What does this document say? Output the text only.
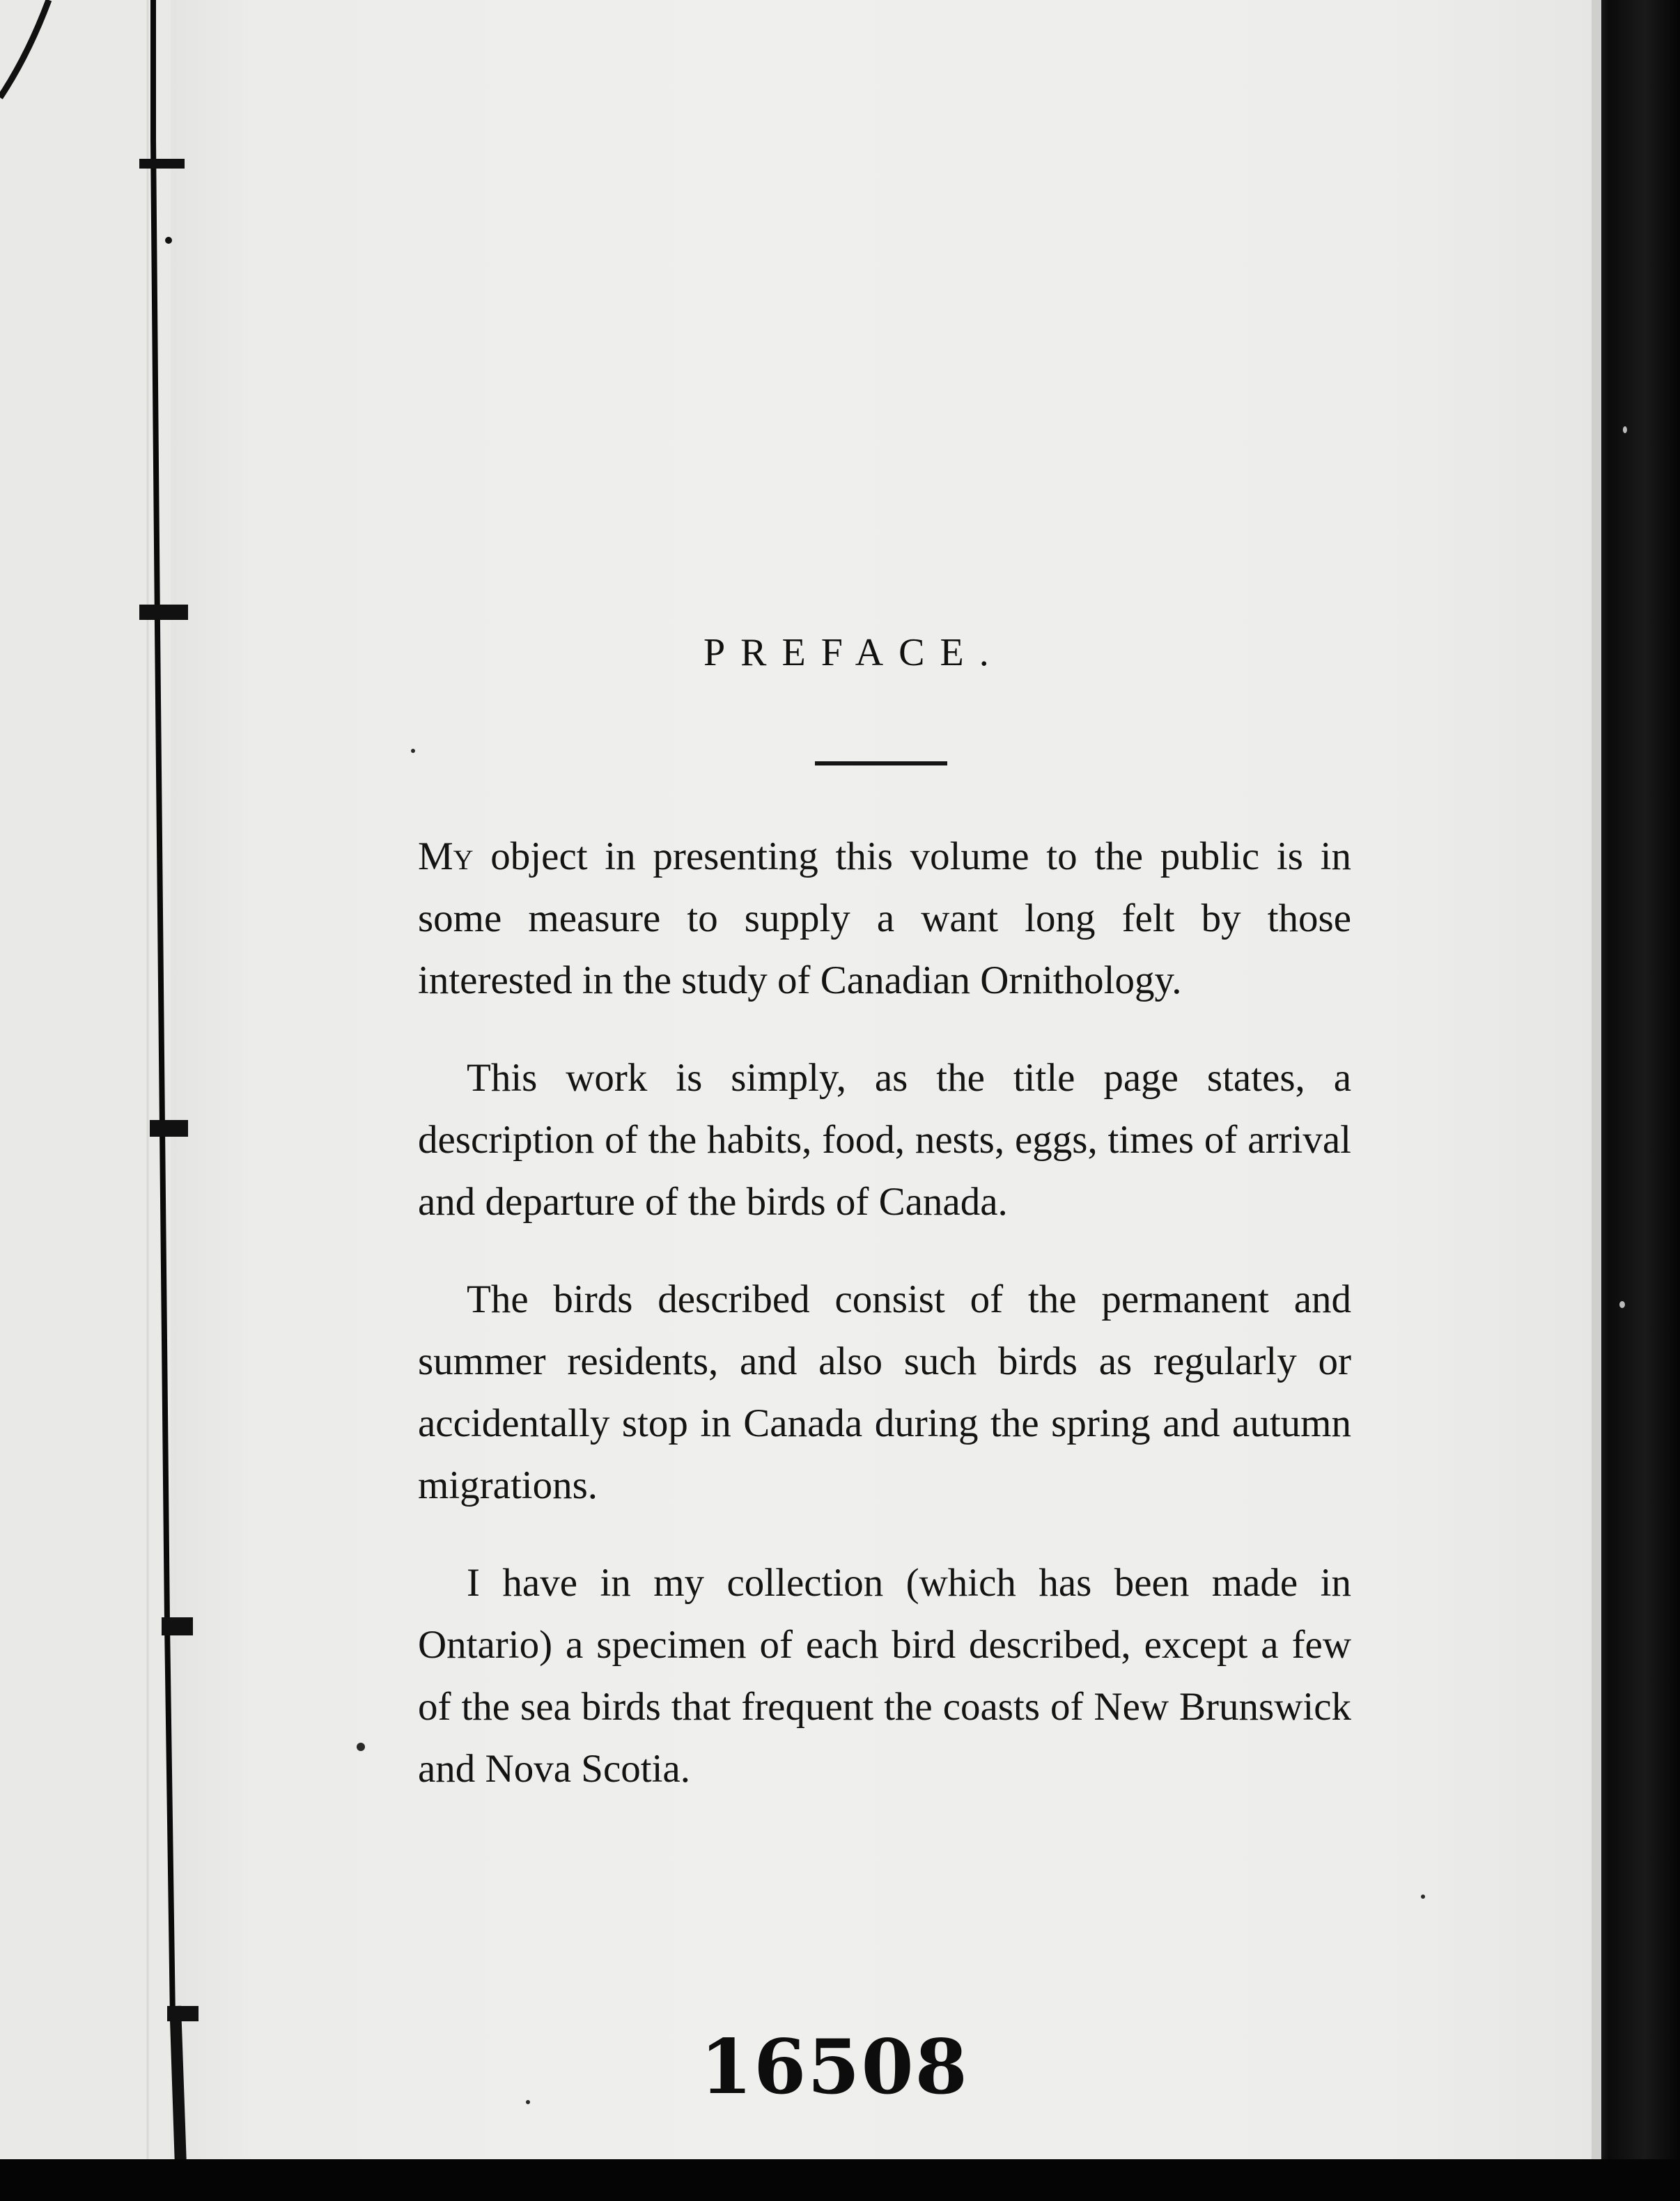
PREFACE.

My object in presenting this volume to the public is in some measure to supply a want long felt by those interested in the study of Canadian Ornithology.

This work is simply, as the title page states, a description of the habits, food, nests, eggs, times of arrival and departure of the birds of Canada.

The birds described consist of the permanent and summer residents, and also such birds as regularly or accidentally stop in Canada during the spring and autumn migrations.

I have in my collection (which has been made in Ontario) a specimen of each bird described, except a few of the sea birds that frequent the coasts of New Brunswick and Nova Scotia.

16508
